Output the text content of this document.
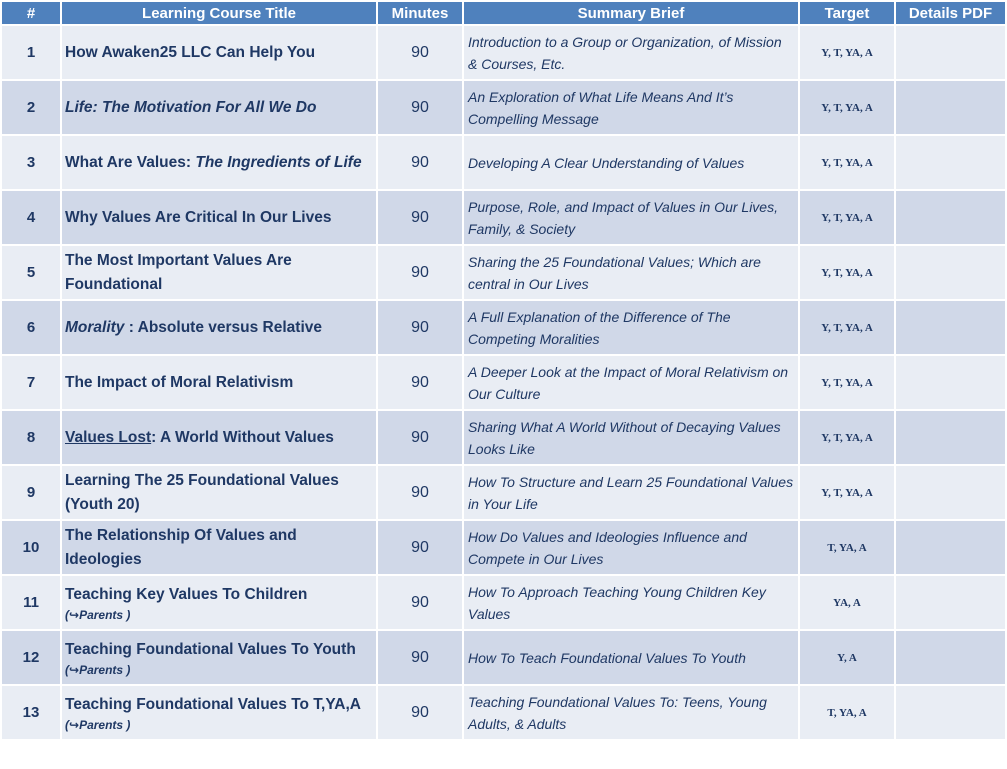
#	Learning Course Title	Minutes	Summary Brief	Target	Details PDF
1	How Awaken25 LLC Can Help You	90	Introduction to a Group or Organization, of Mission & Courses, Etc.	Y, T, YA, A	
2	Life: The Motivation For All We Do	90	An Exploration of What Life Means And It’s Compelling Message	Y, T, YA, A	
3	What Are Values: The Ingredients of Life	90	Developing A Clear Understanding of Values	Y, T, YA, A	
4	Why Values Are Critical In Our Lives	90	Purpose, Role, and Impact of Values in Our Lives, Family, & Society	Y, T, YA, A	
5	The Most Important Values Are Foundational	90	Sharing the 25 Foundational Values; Which are central in Our Lives	Y, T, YA, A	
6	Morality : Absolute versus Relative	90	A Full Explanation of the Difference of The Competing Moralities	Y, T, YA, A	
7	The Impact of Moral Relativism	90	A Deeper Look at the Impact of Moral Relativism on Our Culture	Y, T, YA, A	
8	Values Lost: A World Without Values	90	Sharing What A World Without of Decaying Values Looks Like	Y, T, YA, A	
9	Learning The 25 Foundational Values (Youth 20)	90	How To Structure and Learn 25 Foundational Values in Your Life	Y, T, YA, A	
10	The Relationship Of Values and Ideologies	90	How Do Values and Ideologies Influence and Compete in Our Lives	T, YA, A	
11	Teaching Key Values To Children
(↪Parents )	90	How To Approach Teaching Young Children Key Values	YA, A	
12	Teaching Foundational Values To Youth
(↪Parents )	90	How To Teach Foundational Values To Youth	Y, A	
13	Teaching Foundational Values To T,YA,A
(↪Parents )	90	Teaching Foundational Values To: Teens, Young Adults, & Adults	T, YA, A	
